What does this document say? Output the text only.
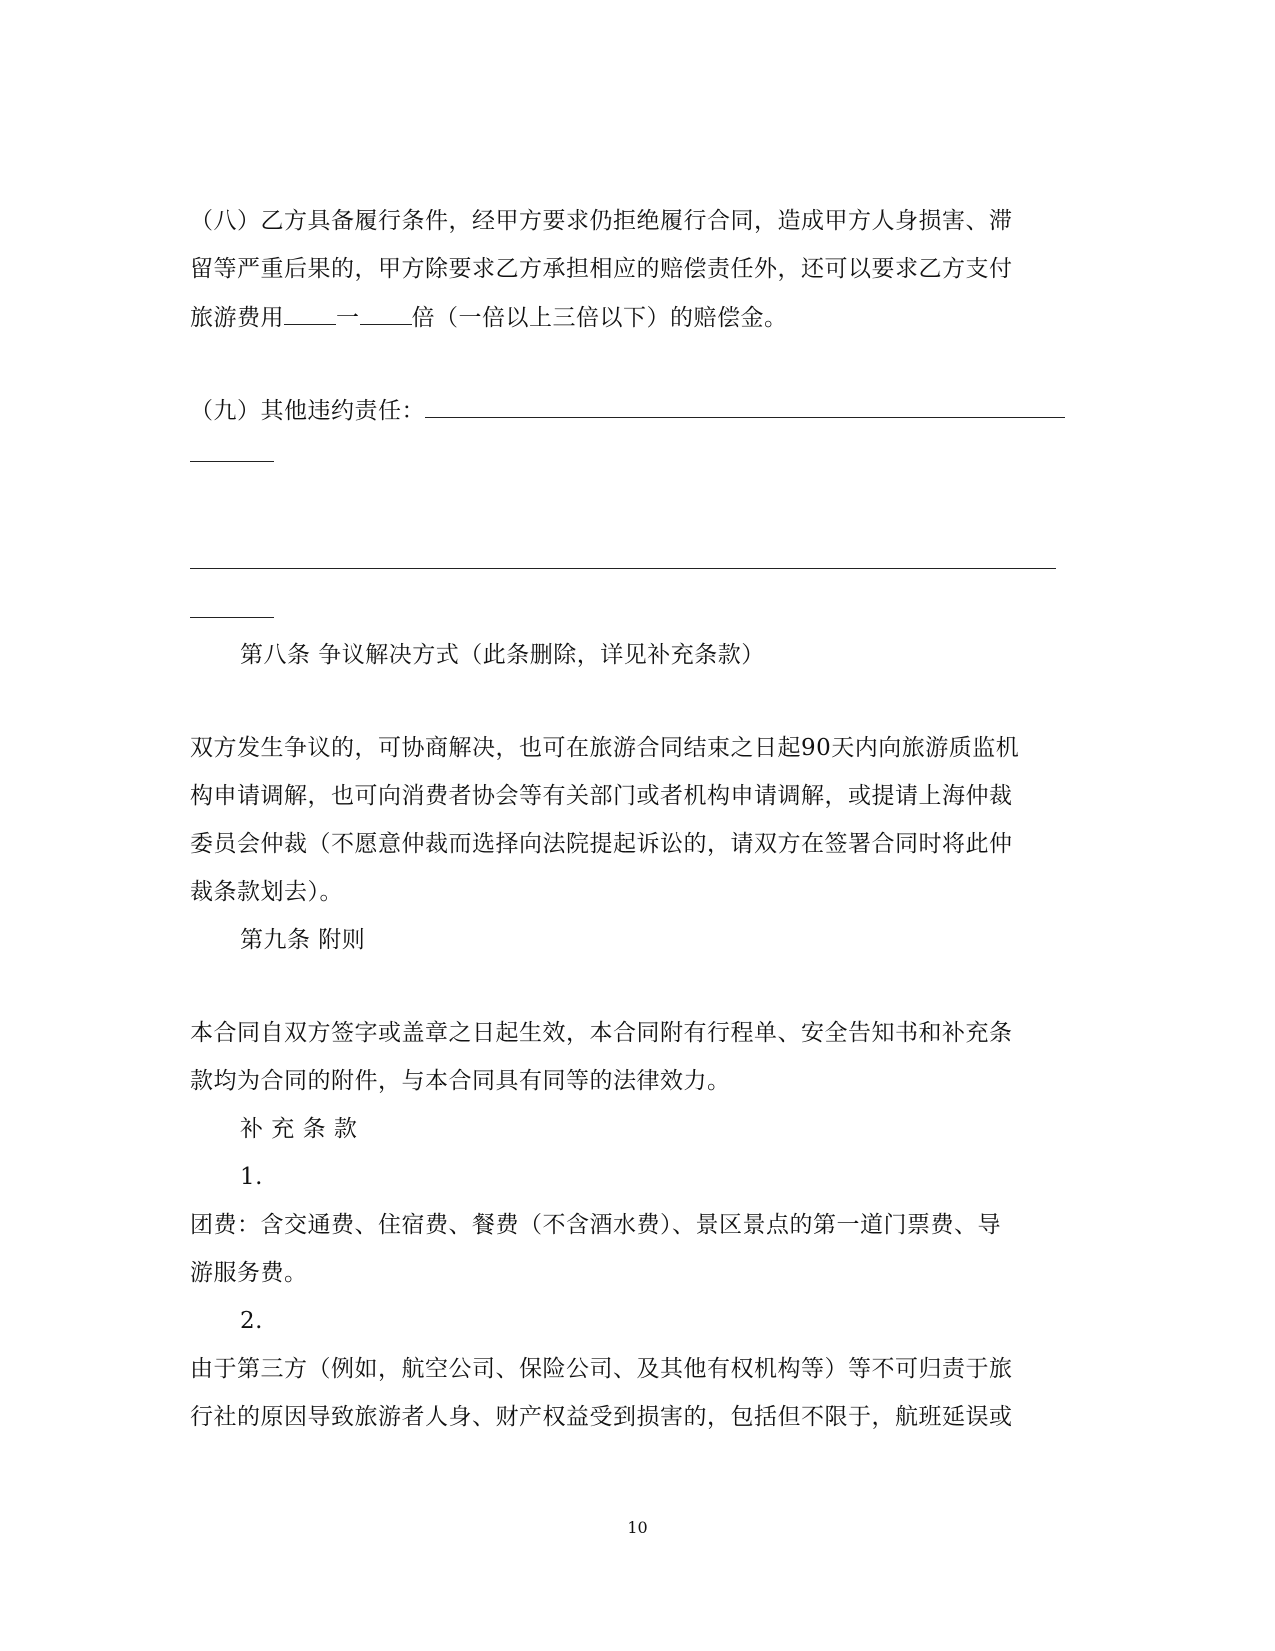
（八）乙方具备履行条件，经甲方要求仍拒绝履行合同，造成甲方人身损害、滞
留等严重后果的，甲方除要求乙方承担相应的赔偿责任外，还可以要求乙方支付
旅游费用 一 倍（一倍以上三倍以下）的赔偿金。
（九）其他违约责任：
第八条 争议解决方式（此条删除，详见补充条款）
双方发生争议的，可协商解决，也可在旅游合同结束之日起90天内向旅游质监机
构申请调解，也可向消费者协会等有关部门或者机构申请调解，或提请上海仲裁
委员会仲裁（不愿意仲裁而选择向法院提起诉讼的，请双方在签署合同时将此仲
裁条款划去）。
第九条 附则
本合同自双方签字或盖章之日起生效，本合同附有行程单、安全告知书和补充条
款均为合同的附件，与本合同具有同等的法律效力。
补 充 条 款
1.
团费：含交通费、住宿费、餐费（不含酒水费）、景区景点的第一道门票费、导
游服务费。
2.
由于第三方（例如，航空公司、保险公司、及其他有权机构等）等不可归责于旅
行社的原因导致旅游者人身、财产权益受到损害的，包括但不限于，航班延误或
10
